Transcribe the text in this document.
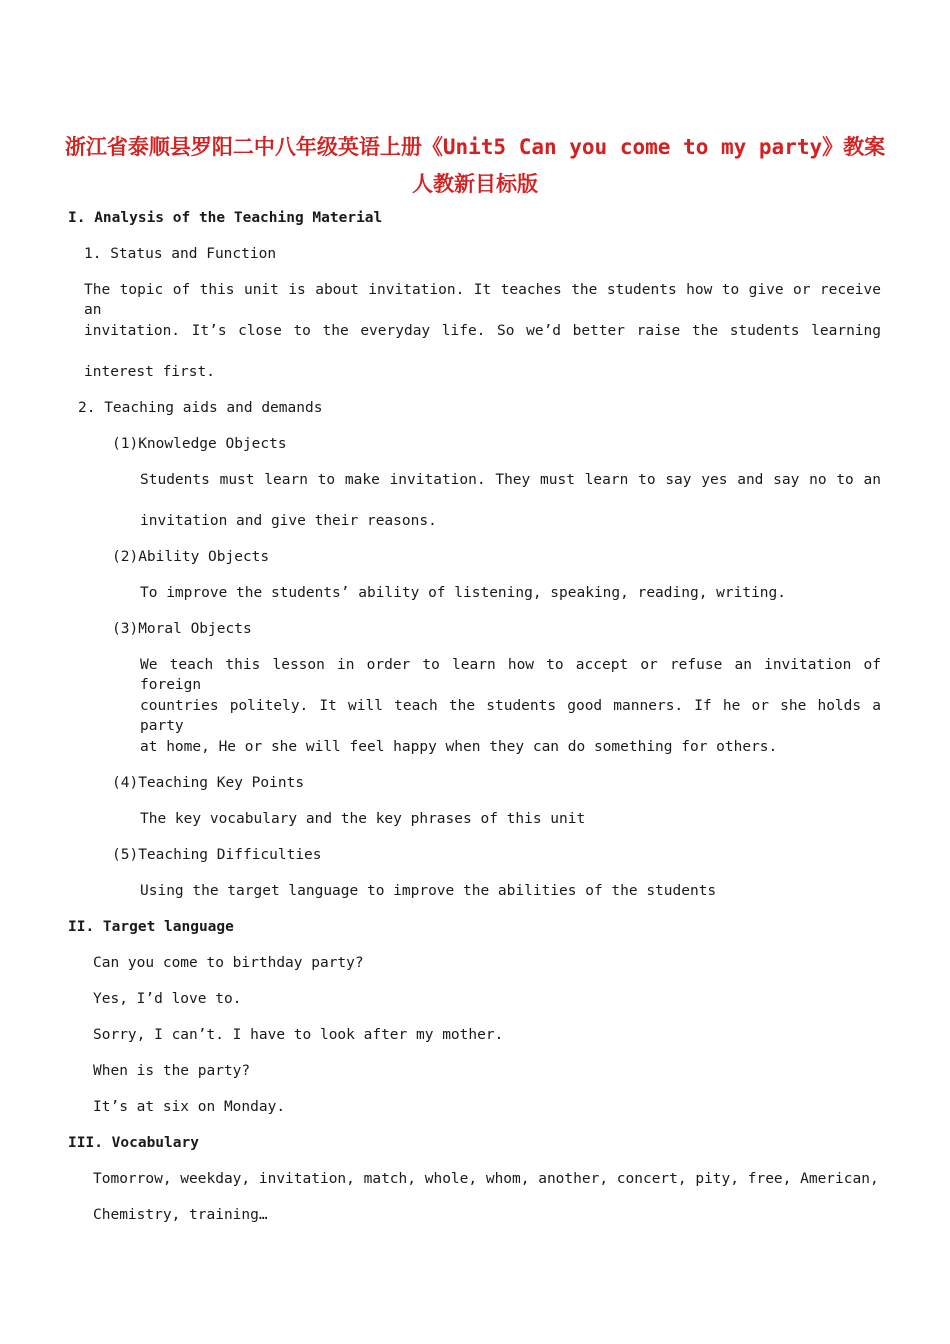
浙江省泰顺县罗阳二中八年级英语上册《Unit5 Can you come to my party》教案
人教新目标版

I. Analysis of the Teaching Material

1. Status and Function

The topic of this unit is about invitation. It teaches the students how to give or receive an

invitation. It’s close to the everyday life. So we’d better raise the students learning

interest first.

2. Teaching aids and demands

(1)Knowledge Objects

Students must learn to make invitation. They must learn to say yes and say no to an

invitation and give their reasons.

(2)Ability Objects

To improve the students’ ability of listening, speaking, reading, writing.

(3)Moral Objects

We teach this lesson in order to learn how to accept or refuse an invitation of foreign

countries politely. It will teach the students good manners. If he or she holds a party

at home, He or she will feel happy when they can do something for others.

(4)Teaching Key Points

The key vocabulary and the key phrases of this unit

(5)Teaching Difficulties

Using the target language to improve the abilities of the students

II. Target language

Can you come to birthday party?

Yes, I’d love to.

Sorry, I can’t. I have to look after my mother.

When is the party?

It’s at six on Monday.

III. Vocabulary

Tomorrow, weekday, invitation, match, whole, whom, another, concert, pity, free, American,

Chemistry, training…
